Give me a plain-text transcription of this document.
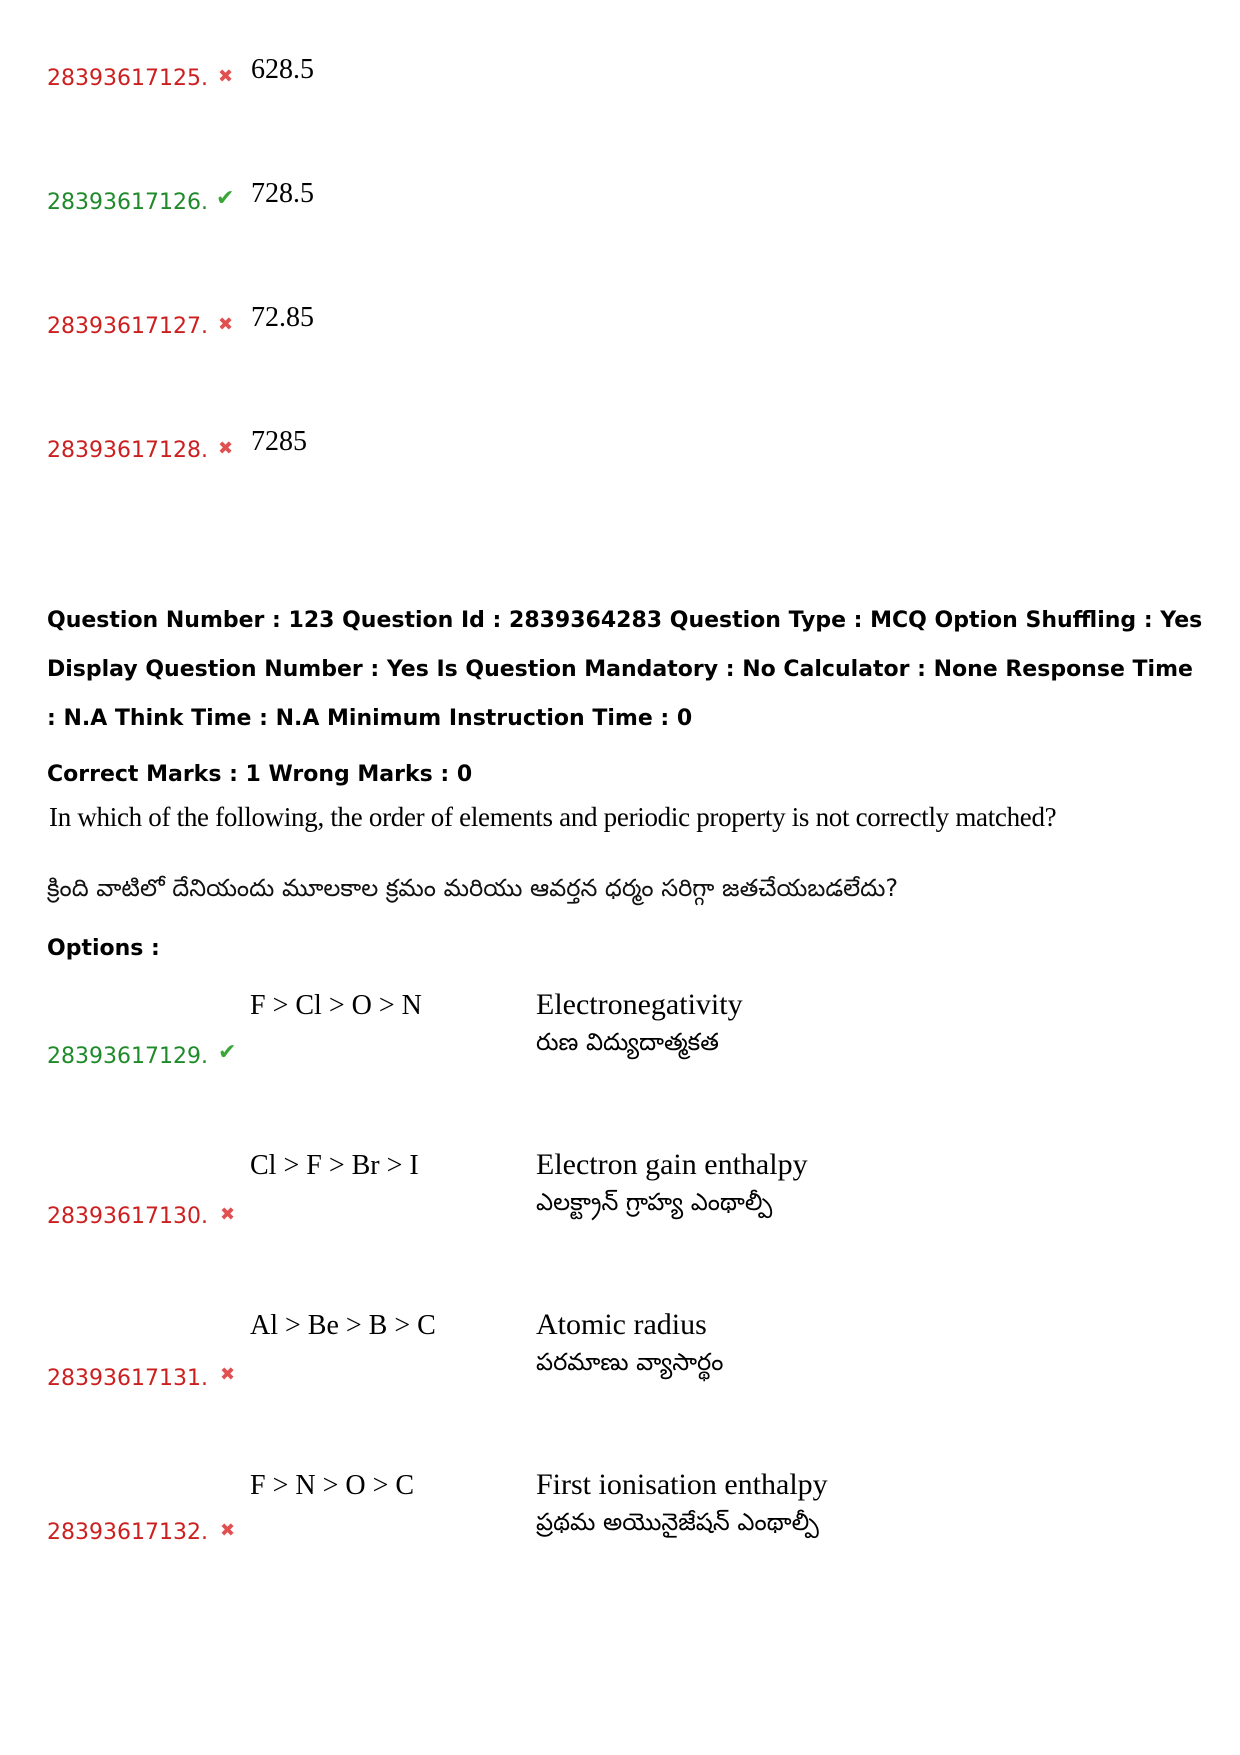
28393617125. ✖ 628.5
28393617126. ✔ 728.5
28393617127. ✖ 72.85
28393617128. ✖ 7285
Question Number : 123 Question Id : 2839364283 Question Type : MCQ Option Shuffling : Yes
Display Question Number : Yes Is Question Mandatory : No Calculator : None Response Time
: N.A Think Time : N.A Minimum Instruction Time : 0
Correct Marks : 1 Wrong Marks : 0
In which of the following, the order of elements and periodic property is not correctly matched?
క్రింది వాటిలో దేనియందు మూలకాల క్రమం మరియు ఆవర్తన ధర్మం సరిగ్గా జతచేయబడలేదు?
Options :
F > Cl > O > N
28393617129. ✔
Electronegativity
రుణ విద్యుదాత్మకత
Cl > F > Br > I
28393617130. ✖
Electron gain enthalpy
ఎలక్ట్రాన్ గ్రాహ్య ఎంథాల్పీ
Al > Be > B > C
28393617131. ✖
Atomic radius
పరమాణు వ్యాసార్థం
F > N > O > C
28393617132. ✖
First ionisation enthalpy
ప్రథమ అయొనైజేషన్ ఎంథాల్పీ
